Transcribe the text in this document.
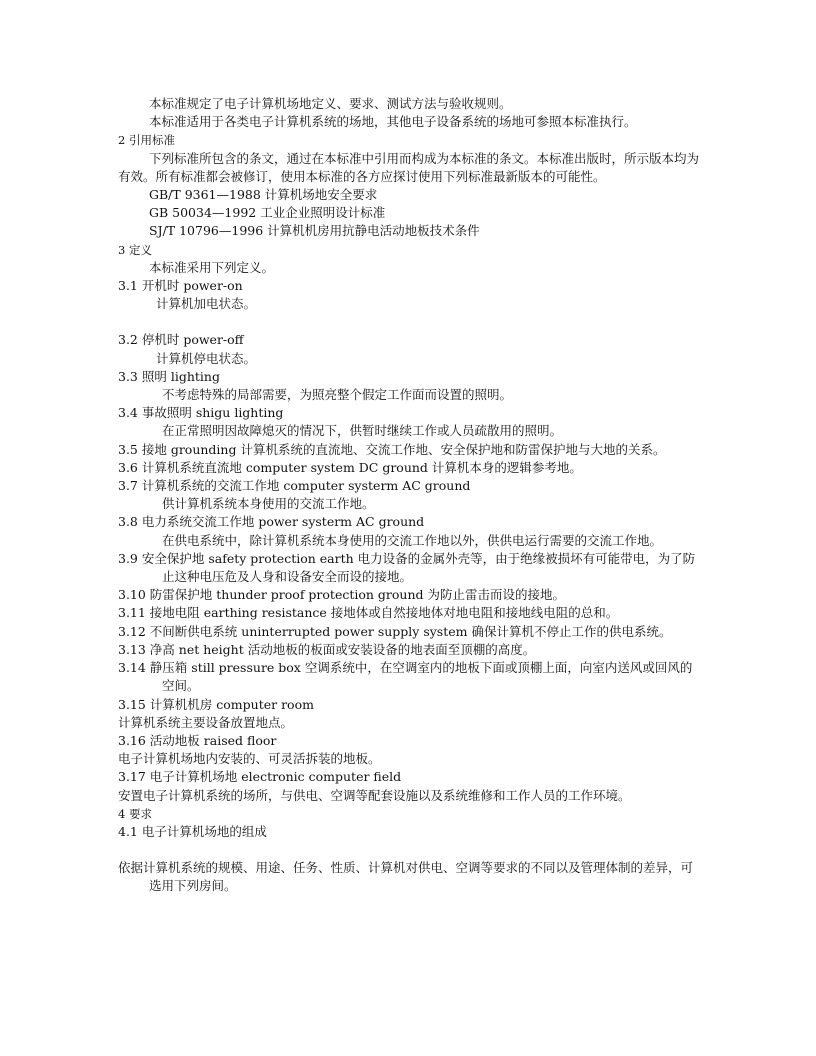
本标准规定了电子计算机场地定义、要求、测试方法与验收规则。

本标准适用于各类电子计算机系统的场地，其他电子设备系统的场地可参照本标准执行。

2 引用标准

下列标准所包含的条文，通过在本标准中引用而构成为本标准的条文。本标准出版时，所示版本均为有效。所有标准都会被修订，使用本标准的各方应探讨使用下列标准最新版本的可能性。

GB/T 9361—1988 计算机场地安全要求

GB 50034—1992 工业企业照明设计标准

SJ/T 10796—1996 计算机机房用抗静电活动地板技术条件

3 定义

本标准采用下列定义。

3.1 开机时 power-on

计算机加电状态。

3.2 停机时 power-off

计算机停电状态。

3.3 照明 lighting

不考虑特殊的局部需要，为照亮整个假定工作面而设置的照明。

3.4 事故照明 shigu lighting

在正常照明因故障熄灭的情况下，供暂时继续工作或人员疏散用的照明。

3.5 接地 grounding 计算机系统的直流地、交流工作地、安全保护地和防雷保护地与大地的关系。

3.6 计算机系统直流地 computer system DC ground 计算机本身的逻辑参考地。

3.7 计算机系统的交流工作地 computer systerm AC ground

供计算机系统本身使用的交流工作地。

3.8 电力系统交流工作地 power systerm AC ground

在供电系统中，除计算机系统本身使用的交流工作地以外，供供电运行需要的交流工作地。

3.9 安全保护地 safety protection earth 电力设备的金属外壳等，由于绝缘被损坏有可能带电，为了防止这种电压危及人身和设备安全而设的接地。

3.10 防雷保护地 thunder proof protection ground 为防止雷击而设的接地。

3.11 接地电阻 earthing resistance 接地体或自然接地体对地电阻和接地线电阻的总和。

3.12 不间断供电系统 uninterrupted power supply system 确保计算机不停止工作的供电系统。

3.13 净高 net height 活动地板的板面或安装设备的地表面至顶棚的高度。

3.14 静压箱 still pressure box 空调系统中，在空调室内的地板下面或顶棚上面，向室内送风或回风的空间。

3.15 计算机机房 computer room

计算机系统主要设备放置地点。

3.16 活动地板 raised floor

电子计算机场地内安装的、可灵活拆装的地板。

3.17 电子计算机场地 electronic computer field

安置电子计算机系统的场所，与供电、空调等配套设施以及系统维修和工作人员的工作环境。

4 要求

4.1 电子计算机场地的组成

依据计算机系统的规模、用途、任务、性质、计算机对供电、空调等要求的不同以及管理体制的差异，可选用下列房间。
